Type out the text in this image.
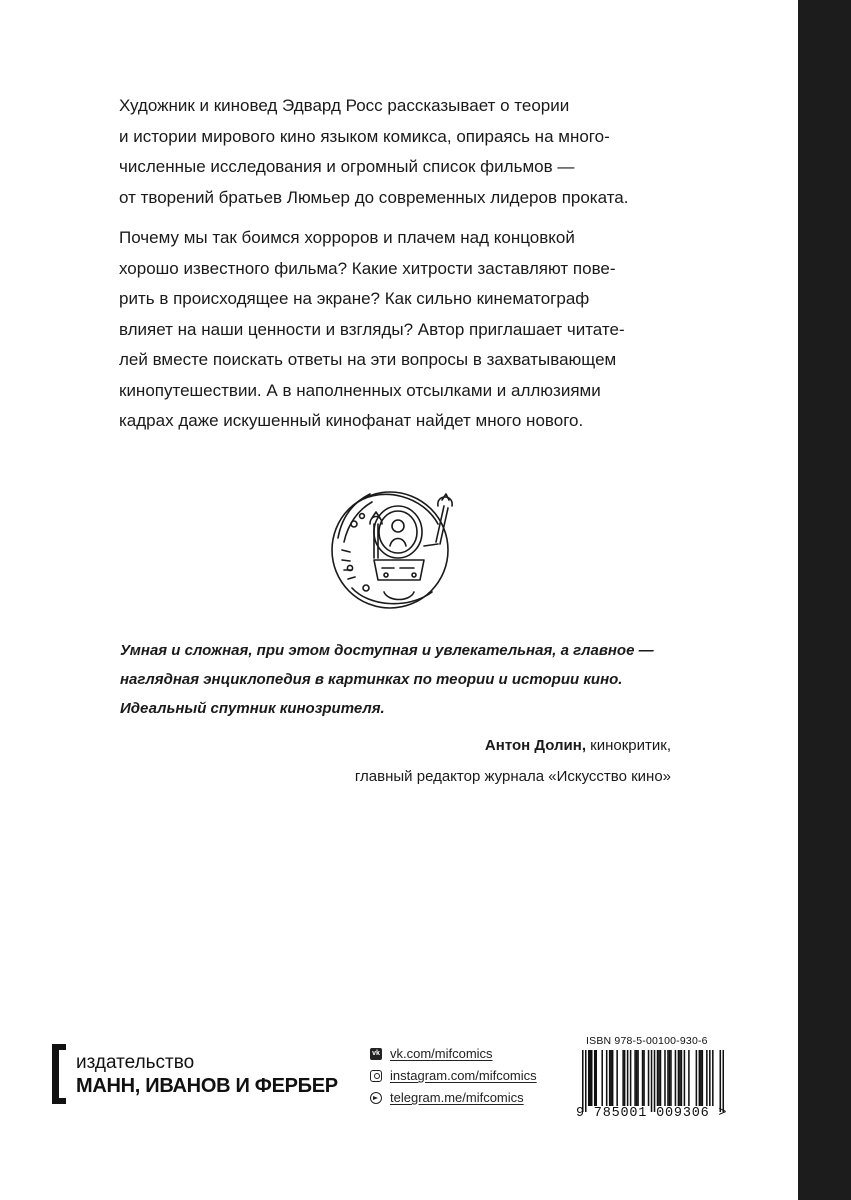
Художник и киновед Эдвард Росс рассказывает о теории
и истории мирового кино языком комикса, опираясь на много-
численные исследования и огромный список фильмов —
от творений братьев Люмьер до современных лидеров проката.

Почему мы так боимся хорроров и плачем над концовкой
хорошо известного фильма? Какие хитрости заставляют пове-
рить в происходящее на экране? Как сильно кинематограф
влияет на наши ценности и взгляды? Автор приглашает читате-
лей вместе поискать ответы на эти вопросы в захватывающем
кинопутешествии. А в наполненных отсылками и аллюзиями
кадрах даже искушенный кинофанат найдет много нового.

Умная и сложная, при этом доступная и увлекательная, а главное —
наглядная энциклопедия в картинках по теории и истории кино.
Идеальный спутник кинозрителя.

Антон Долин, кинокритик,

главный редактор журнала «Искусство кино»

издательство
МАНН, ИВАНОВ И ФЕРБЕР
vk vk.com/mifcomics
instagram.com/mifcomics
telegram.me/mifcomics
ISBN 978-5-00100-930-6
9 785001 009306 >
